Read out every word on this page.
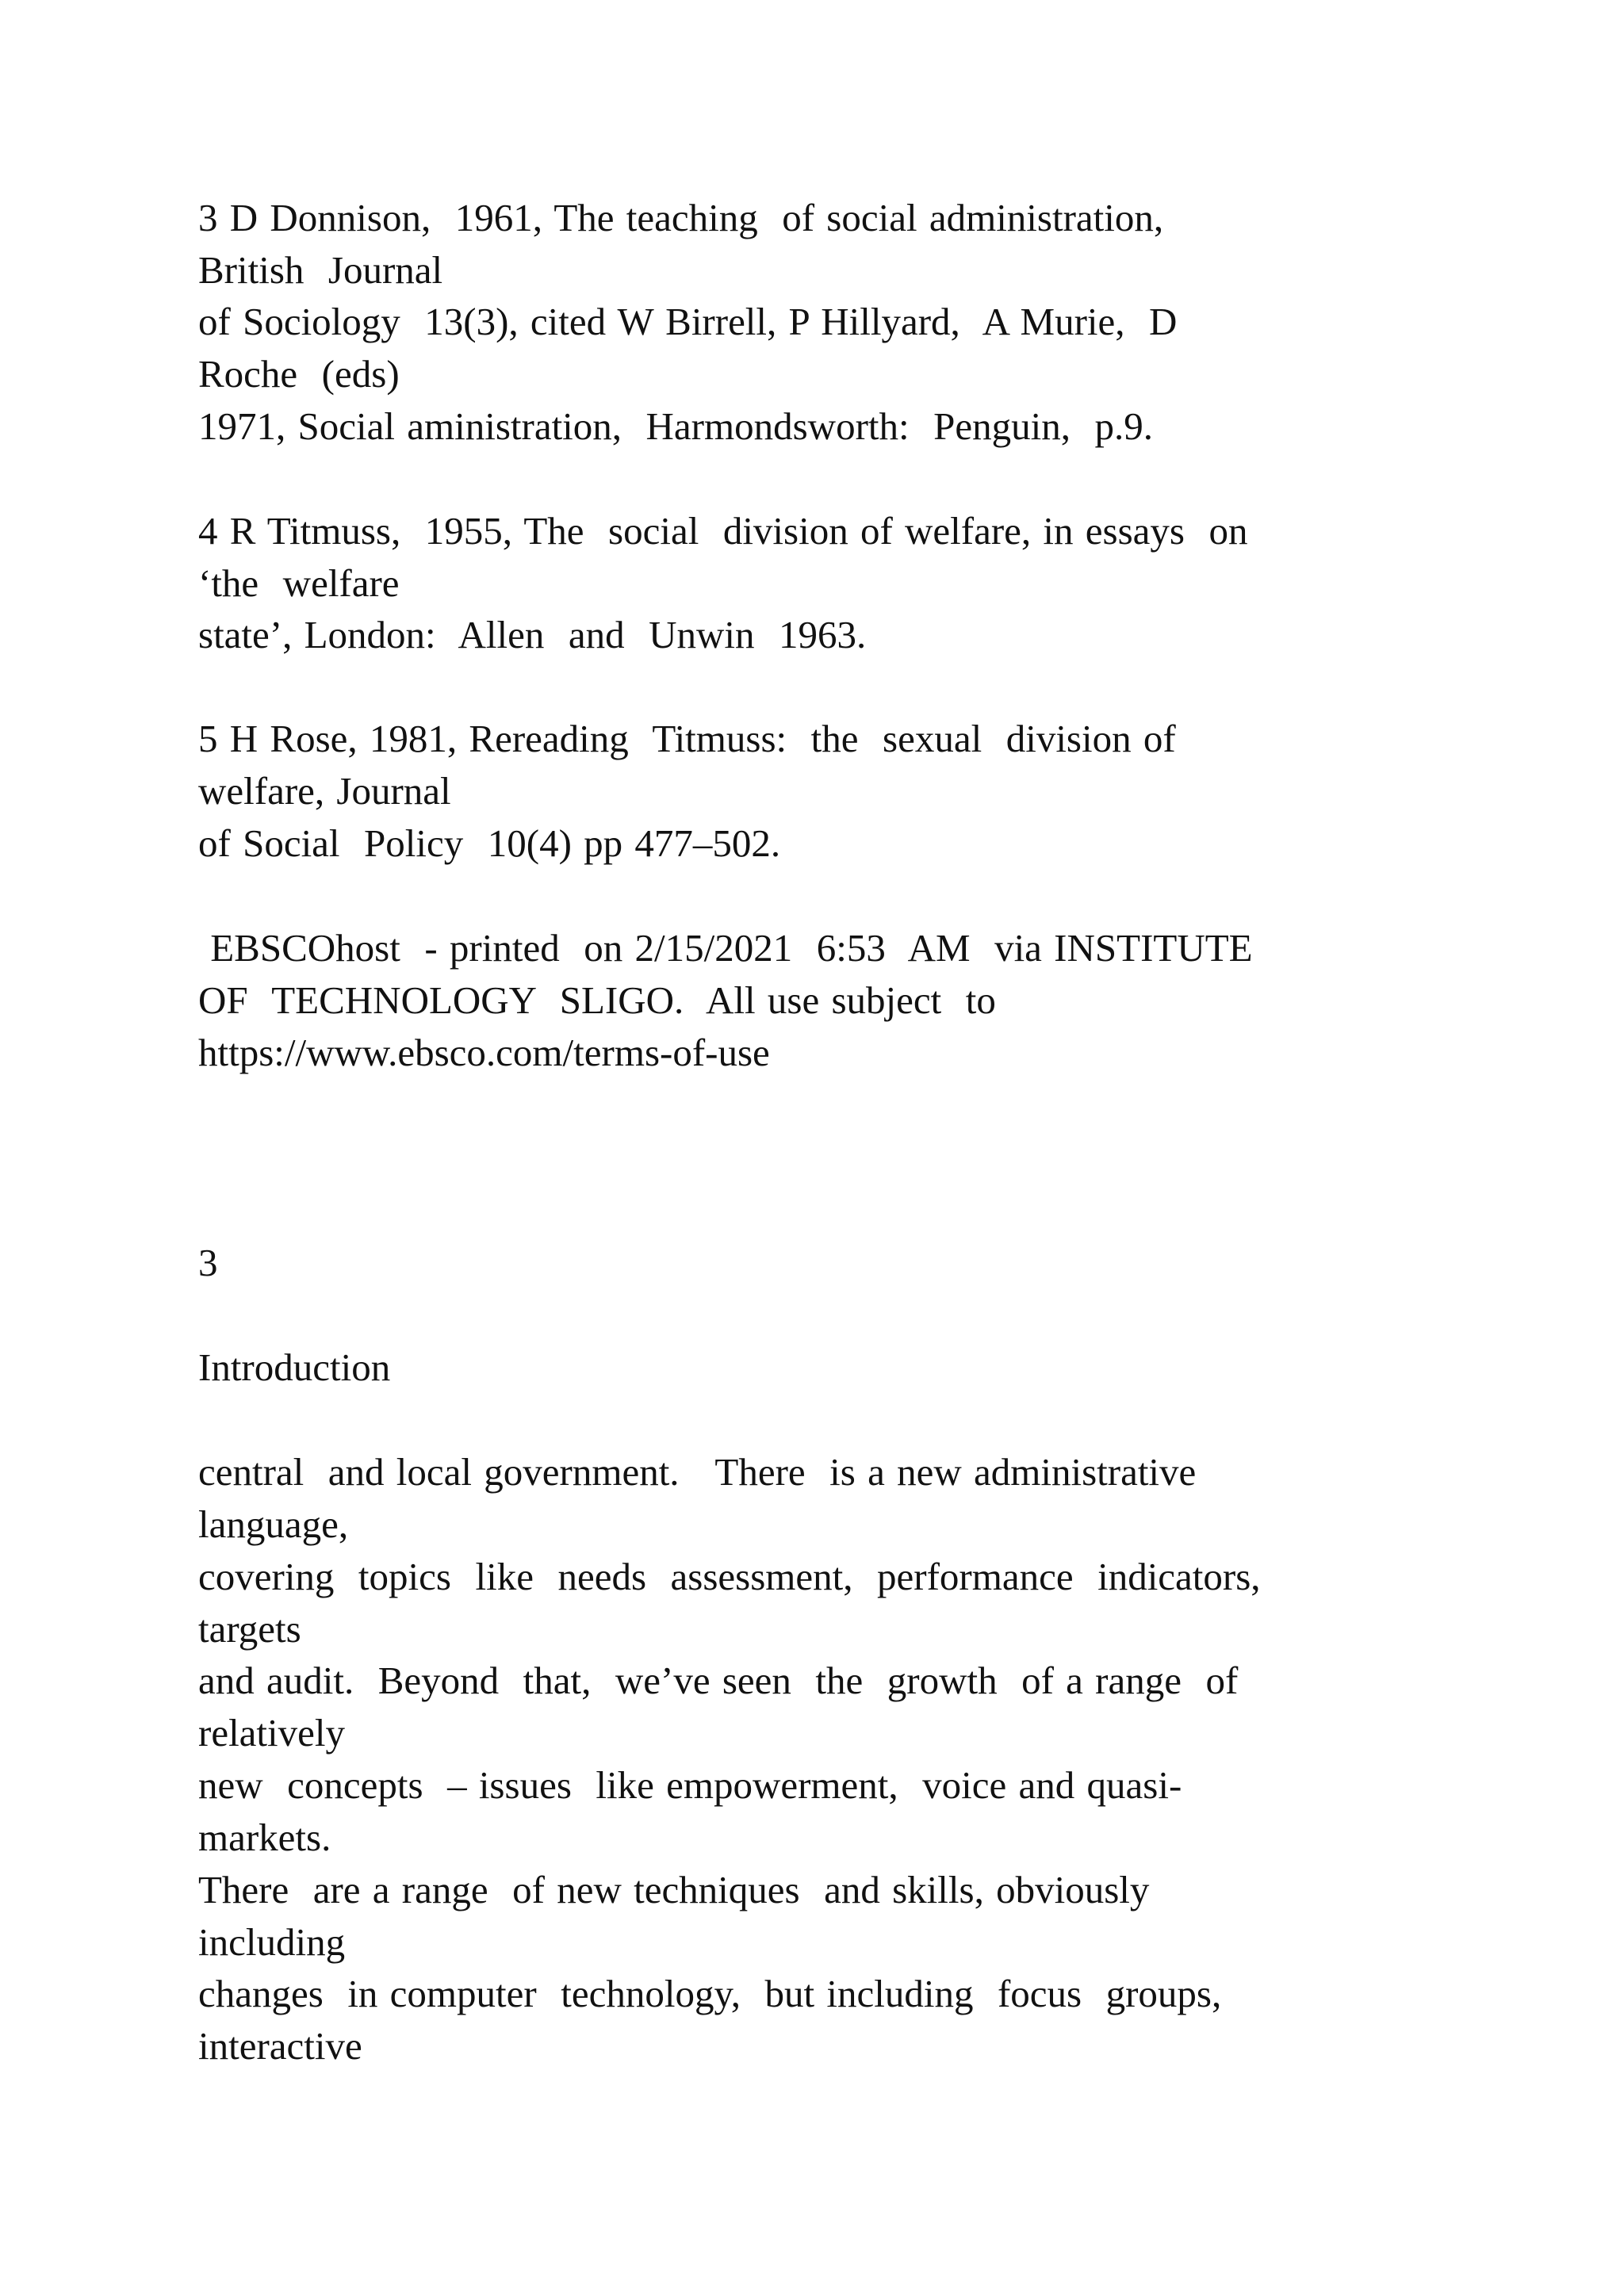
3 D Donnison,  1961, The teaching  of social administration,

British  Journal

of Sociology  13(3), cited W Birrell, P Hillyard,  A Murie,  D

Roche  (eds)

1971, Social aministration,  Harmondsworth:  Penguin,  p.9.

4 R Titmuss,  1955, The  social  division of welfare, in essays  on

‘the  welfare

state’, London:  Allen  and  Unwin  1963.

5 H Rose, 1981, Rereading  Titmuss:  the  sexual  division of

welfare, Journal

of Social  Policy  10(4) pp 477–502.

EBSCOhost  - printed  on 2/15/2021  6:53  AM  via INSTITUTE

OF  TECHNOLOGY  SLIGO.  All use subject  to

https://www.ebsco.com/terms-of-use

3

Introduction

central  and local government.   There  is a new administrative

language,

covering  topics  like  needs  assessment,  performance  indicators,

targets

and audit.  Beyond  that,  we’ve seen  the  growth  of a range  of

relatively

new  concepts  – issues  like empowerment,  voice and quasi-

markets.

There  are a range  of new techniques  and skills, obviously

including

changes  in computer  technology,  but including  focus  groups,

interactive
